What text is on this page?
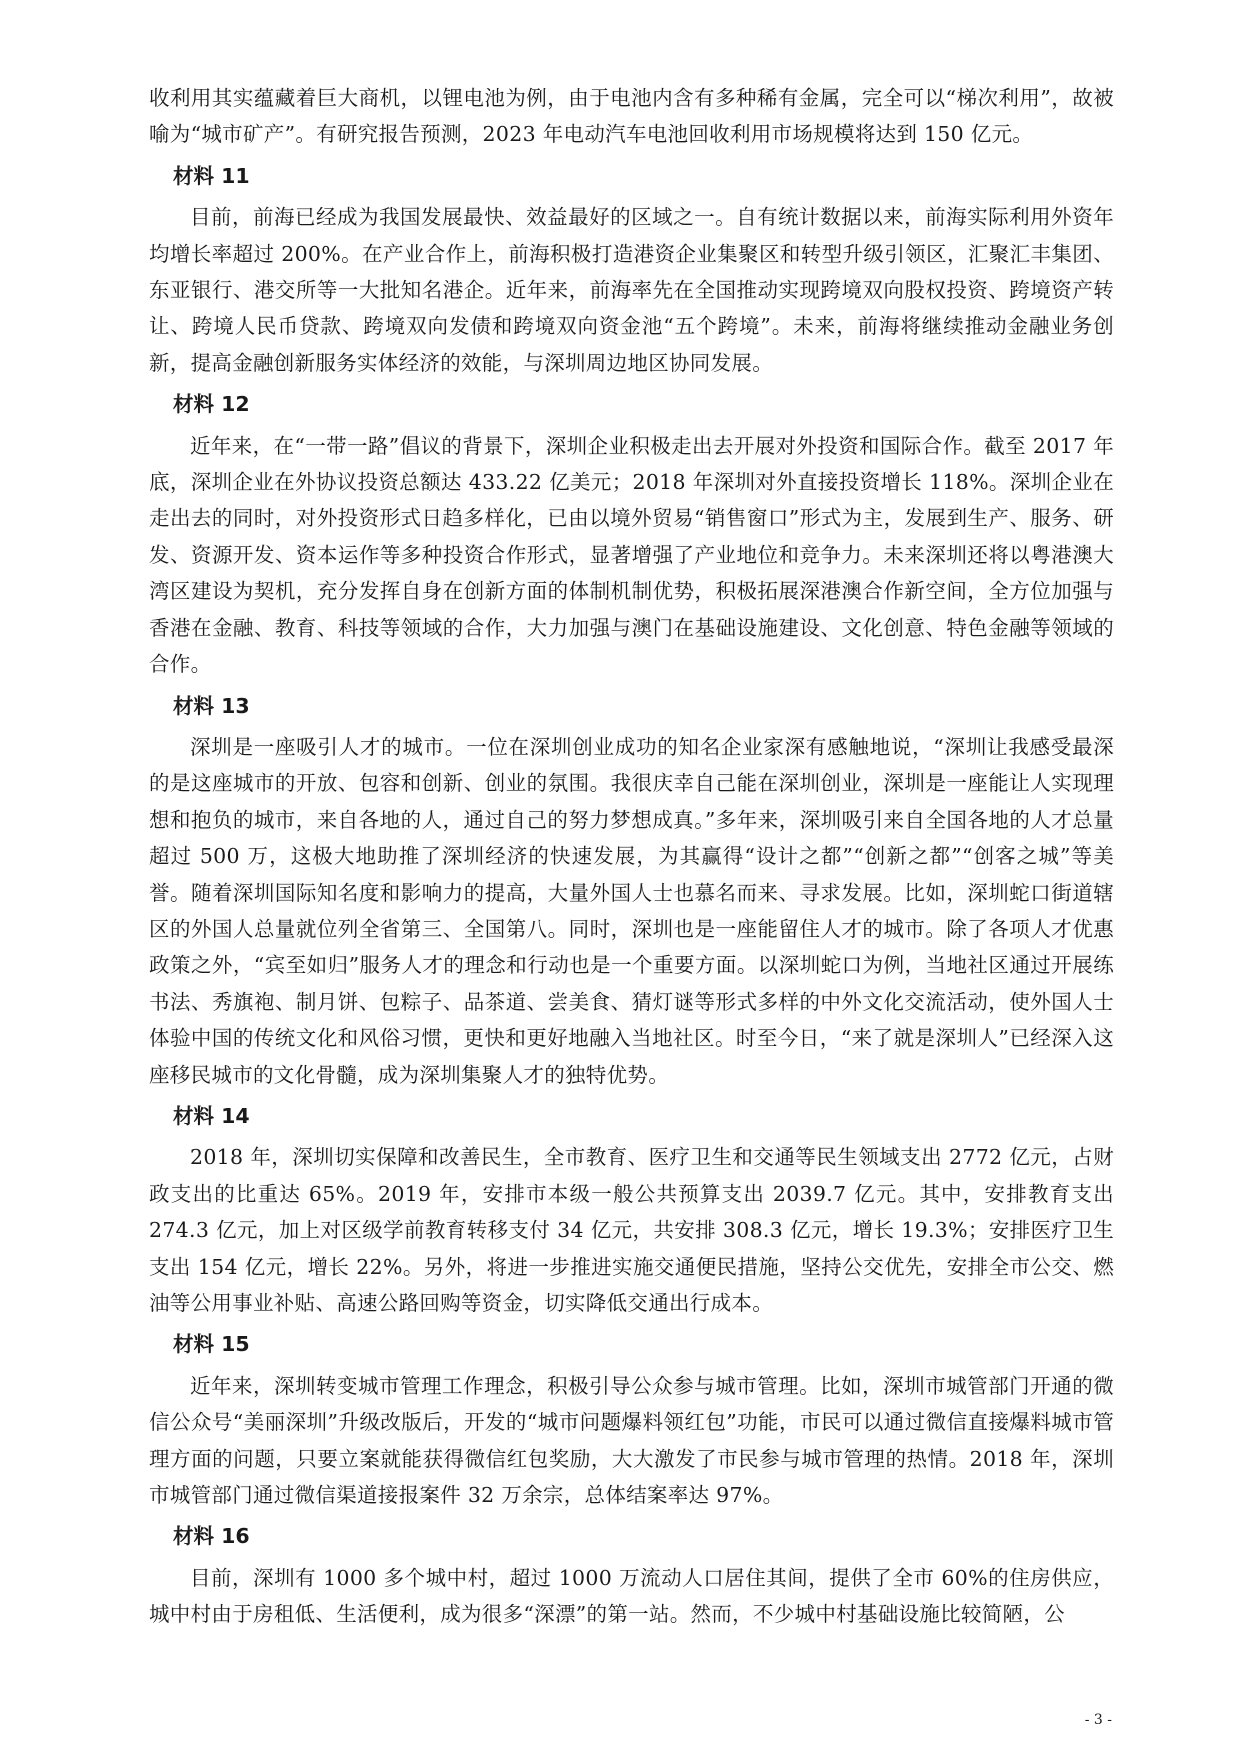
收利用其实蕴藏着巨大商机，以锂电池为例，由于电池内含有多种稀有金属，完全可以“梯次利用”，故被喻为“城市矿产”。有研究报告预测，2023 年电动汽车电池回收利用市场规模将达到 150 亿元。

材料 11

目前，前海已经成为我国发展最快、效益最好的区域之一。自有统计数据以来，前海实际利用外资年均增长率超过 200%。在产业合作上，前海积极打造港资企业集聚区和转型升级引领区，汇聚汇丰集团、东亚银行、港交所等一大批知名港企。近年来，前海率先在全国推动实现跨境双向股权投资、跨境资产转让、跨境人民币贷款、跨境双向发债和跨境双向资金池“五个跨境”。未来，前海将继续推动金融业务创新，提高金融创新服务实体经济的效能，与深圳周边地区协同发展。

材料 12

近年来，在“一带一路”倡议的背景下，深圳企业积极走出去开展对外投资和国际合作。截至 2017 年底，深圳企业在外协议投资总额达 433.22 亿美元；2018 年深圳对外直接投资增长 118%。深圳企业在走出去的同时，对外投资形式日趋多样化，已由以境外贸易“销售窗口”形式为主，发展到生产、服务、研发、资源开发、资本运作等多种投资合作形式，显著增强了产业地位和竞争力。未来深圳还将以粤港澳大湾区建设为契机，充分发挥自身在创新方面的体制机制优势，积极拓展深港澳合作新空间，全方位加强与香港在金融、教育、科技等领域的合作，大力加强与澳门在基础设施建设、文化创意、特色金融等领域的合作。

材料 13

深圳是一座吸引人才的城市。一位在深圳创业成功的知名企业家深有感触地说，“深圳让我感受最深的是这座城市的开放、包容和创新、创业的氛围。我很庆幸自己能在深圳创业，深圳是一座能让人实现理想和抱负的城市，来自各地的人，通过自己的努力梦想成真。”多年来，深圳吸引来自全国各地的人才总量超过 500 万，这极大地助推了深圳经济的快速发展，为其赢得“设计之都”“创新之都”“创客之城”等美誉。随着深圳国际知名度和影响力的提高，大量外国人士也慕名而来、寻求发展。比如，深圳蛇口街道辖区的外国人总量就位列全省第三、全国第八。同时，深圳也是一座能留住人才的城市。除了各项人才优惠政策之外，“宾至如归”服务人才的理念和行动也是一个重要方面。以深圳蛇口为例，当地社区通过开展练书法、秀旗袍、制月饼、包粽子、品茶道、尝美食、猜灯谜等形式多样的中外文化交流活动，使外国人士体验中国的传统文化和风俗习惯，更快和更好地融入当地社区。时至今日，“来了就是深圳人”已经深入这座移民城市的文化骨髓，成为深圳集聚人才的独特优势。

材料 14

2018 年，深圳切实保障和改善民生，全市教育、医疗卫生和交通等民生领域支出 2772 亿元，占财政支出的比重达 65%。2019 年，安排市本级一般公共预算支出 2039.7 亿元。其中，安排教育支出 274.3 亿元，加上对区级学前教育转移支付 34 亿元，共安排 308.3 亿元，增长 19.3%；安排医疗卫生支出 154 亿元，增长 22%。另外，将进一步推进实施交通便民措施，坚持公交优先，安排全市公交、燃油等公用事业补贴、高速公路回购等资金，切实降低交通出行成本。

材料 15

近年来，深圳转变城市管理工作理念，积极引导公众参与城市管理。比如，深圳市城管部门开通的微信公众号“美丽深圳”升级改版后，开发的“城市问题爆料领红包”功能，市民可以通过微信直接爆料城市管理方面的问题，只要立案就能获得微信红包奖励，大大激发了市民参与城市管理的热情。2018 年，深圳市城管部门通过微信渠道接报案件 32 万余宗，总体结案率达 97%。

材料 16

目前，深圳有 1000 多个城中村，超过 1000 万流动人口居住其间，提供了全市 60%的住房供应，城中村由于房租低、生活便利，成为很多“深漂”的第一站。然而，不少城中村基础设施比较简陋，公

- 3 -
